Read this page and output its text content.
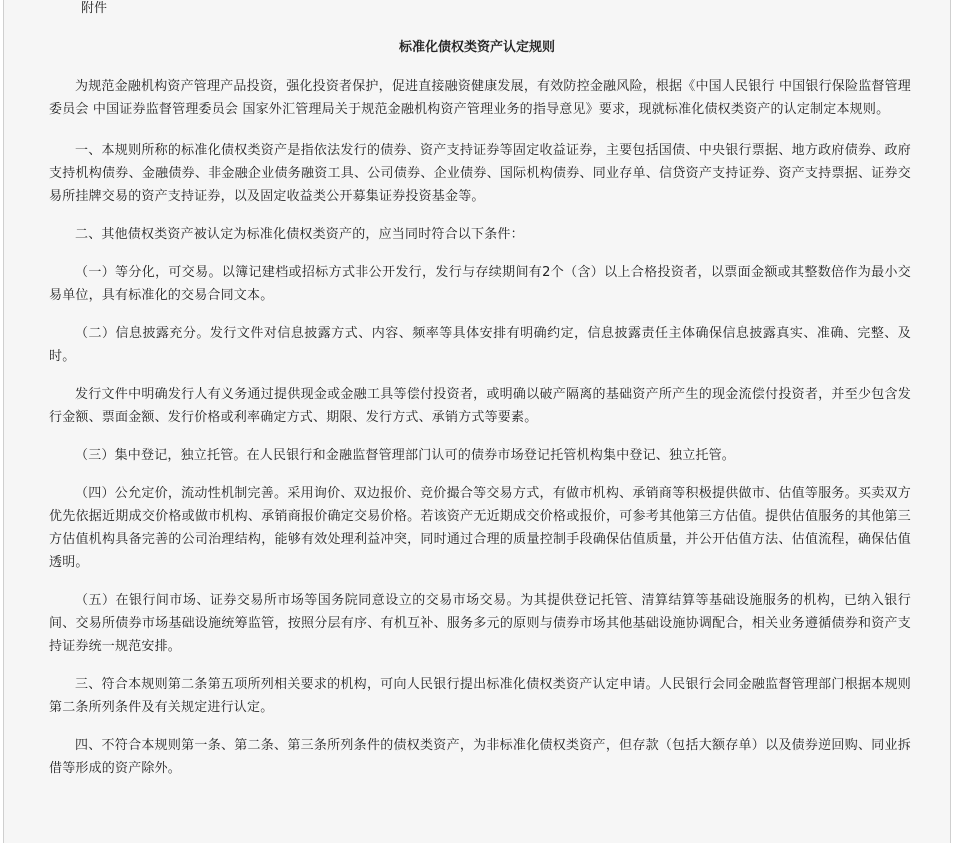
附件
标准化债权类资产认定规则

为规范金融机构资产管理产品投资，强化投资者保护，促进直接融资健康发展，有效防控金融风险，根据《中国人民银行 中国银行保险监督管理委员会 中国证券监督管理委员会 国家外汇管理局关于规范金融机构资产管理业务的指导意见》要求，现就标准化债权类资产的认定制定本规则。

一、本规则所称的标准化债权类资产是指依法发行的债券、资产支持证券等固定收益证券，主要包括国债、中央银行票据、地方政府债券、政府支持机构债券、金融债券、非金融企业债务融资工具、公司债券、企业债券、国际机构债券、同业存单、信贷资产支持证券、资产支持票据、证券交易所挂牌交易的资产支持证券，以及固定收益类公开募集证券投资基金等。

二、其他债权类资产被认定为标准化债权类资产的，应当同时符合以下条件：

（一）等分化，可交易。以簿记建档或招标方式非公开发行，发行与存续期间有2个（含）以上合格投资者，以票面金额或其整数倍作为最小交易单位，具有标准化的交易合同文本。

（二）信息披露充分。发行文件对信息披露方式、内容、频率等具体安排有明确约定，信息披露责任主体确保信息披露真实、准确、完整、及时。

发行文件中明确发行人有义务通过提供现金或金融工具等偿付投资者，或明确以破产隔离的基础资产所产生的现金流偿付投资者，并至少包含发行金额、票面金额、发行价格或利率确定方式、期限、发行方式、承销方式等要素。

（三）集中登记，独立托管。在人民银行和金融监督管理部门认可的债券市场登记托管机构集中登记、独立托管。

（四）公允定价，流动性机制完善。采用询价、双边报价、竞价撮合等交易方式，有做市机构、承销商等积极提供做市、估值等服务。买卖双方优先依据近期成交价格或做市机构、承销商报价确定交易价格。若该资产无近期成交价格或报价，可参考其他第三方估值。提供估值服务的其他第三方估值机构具备完善的公司治理结构，能够有效处理利益冲突，同时通过合理的质量控制手段确保估值质量，并公开估值方法、估值流程，确保估值透明。

（五）在银行间市场、证券交易所市场等国务院同意设立的交易市场交易。为其提供登记托管、清算结算等基础设施服务的机构，已纳入银行间、交易所债券市场基础设施统筹监管，按照分层有序、有机互补、服务多元的原则与债券市场其他基础设施协调配合，相关业务遵循债券和资产支持证券统一规范安排。

三、符合本规则第二条第五项所列相关要求的机构，可向人民银行提出标准化债权类资产认定申请。人民银行会同金融监督管理部门根据本规则第二条所列条件及有关规定进行认定。

四、不符合本规则第一条、第二条、第三条所列条件的债权类资产，为非标准化债权类资产，但存款（包括大额存单）以及债券逆回购、同业拆借等形成的资产除外。
